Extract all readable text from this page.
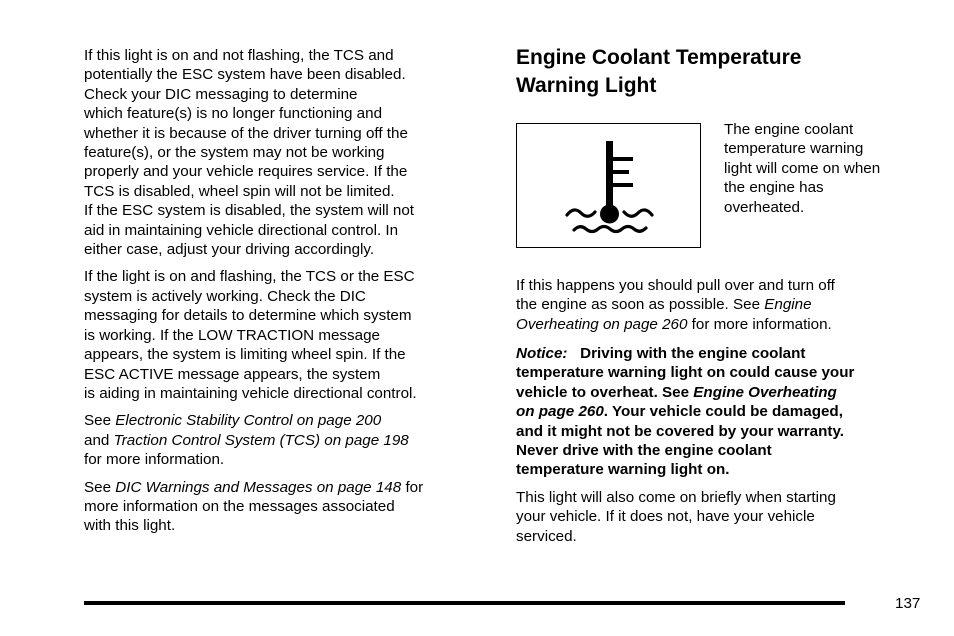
If this light is on and not flashing, the TCS and
potentially the ESC system have been disabled.
Check your DIC messaging to determine
which feature(s) is no longer functioning and
whether it is because of the driver turning off the
feature(s), or the system may not be working
properly and your vehicle requires service. If the
TCS is disabled, wheel spin will not be limited.
If the ESC system is disabled, the system will not
aid in maintaining vehicle directional control. In
either case, adjust your driving accordingly.

If the light is on and flashing, the TCS or the ESC
system is actively working. Check the DIC
messaging for details to determine which system
is working. If the LOW TRACTION message
appears, the system is limiting wheel spin. If the
ESC ACTIVE message appears, the system
is aiding in maintaining vehicle directional control.

See Electronic Stability Control on page 200
and Traction Control System (TCS) on page 198
for more information.

See DIC Warnings and Messages on page 148 for
more information on the messages associated
with this light.

Engine Coolant Temperature
Warning Light
The engine coolant
temperature warning
light will come on when
the engine has
overheated.
If this happens you should pull over and turn off
the engine as soon as possible. See Engine
Overheating on page 260 for more information.
Notice: Driving with the engine coolant
temperature warning light on could cause your
vehicle to overheat. See Engine Overheating
on page 260. Your vehicle could be damaged,
and it might not be covered by your warranty.
Never drive with the engine coolant
temperature warning light on.
This light will also come on briefly when starting
your vehicle. If it does not, have your vehicle
serviced.
137
